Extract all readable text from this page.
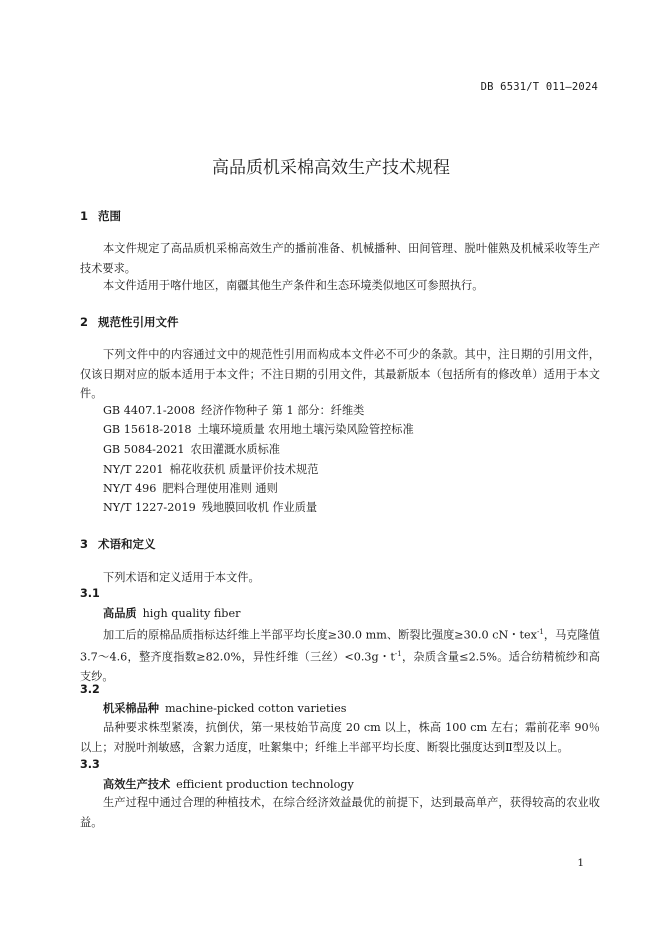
DB 6531/T 011—2024
高品质机采棉高效生产技术规程
1 范围
本文件规定了高品质机采棉高效生产的播前准备、机械播种、田间管理、脱叶催熟及机械采收等生产技术要求。
本文件适用于喀什地区，南疆其他生产条件和生态环境类似地区可参照执行。
2 规范性引用文件
下列文件中的内容通过文中的规范性引用而构成本文件必不可少的条款。其中，注日期的引用文件，仅该日期对应的版本适用于本文件；不注日期的引用文件，其最新版本（包括所有的修改单）适用于本文件。
GB 4407.1-2008 经济作物种子 第 1 部分：纤维类
GB 15618-2018 土壤环境质量 农用地土壤污染风险管控标准
GB 5084-2021 农田灌溉水质标准
NY/T 2201 棉花收获机 质量评价技术规范
NY/T 496 肥料合理使用准则 通则
NY/T 1227-2019 残地膜回收机 作业质量
3 术语和定义
下列术语和定义适用于本文件。
3.1
高品质 high quality fiber
加工后的原棉品质指标达纤维上半部平均长度≥30.0 mm、断裂比强度≥30.0 cN・tex$^{-1}$，马克隆值3.7～4.6，整齐度指数≥82.0%，异性纤维（三丝）<0.3g・$t^{-1}$，杂质含量≤2.5%。适合纺精梳纱和高支纱。
3.2
机采棉品种 machine-picked cotton varieties
品种要求株型紧凑，抗倒伏，第一果枝始节高度 20 cm 以上，株高 100 cm 左右；霜前花率 90％以上；对脱叶剂敏感，含絮力适度，吐絮集中；纤维上半部平均长度、断裂比强度达到Ⅱ型及以上。
3.3
高效生产技术 efficient production technology
生产过程中通过合理的种植技术，在综合经济效益最优的前提下，达到最高单产，获得较高的农业收益。
1
